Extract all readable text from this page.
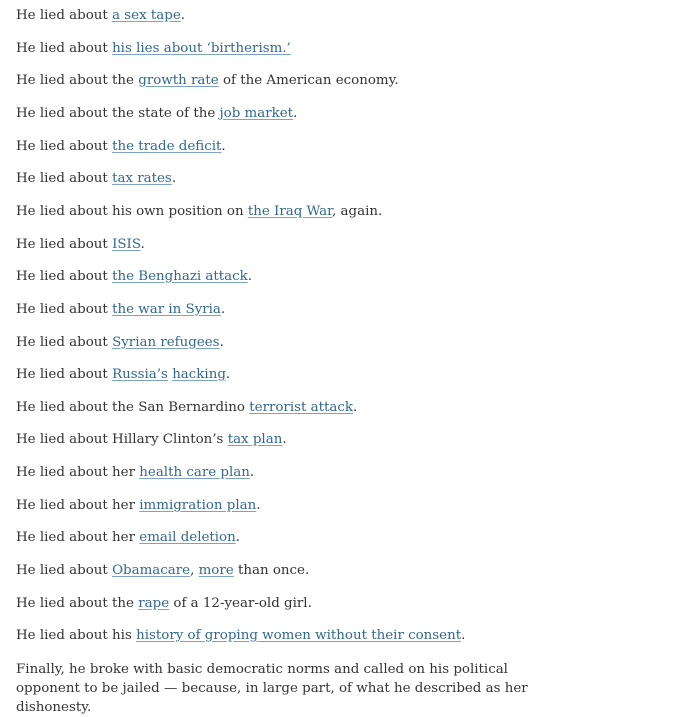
He lied about a sex tape.

He lied about his lies about ‘birtherism.’

He lied about the growth rate of the American economy.

He lied about the state of the job market.

He lied about the trade deficit.

He lied about tax rates.

He lied about his own position on the Iraq War, again.

He lied about ISIS.

He lied about the Benghazi attack.

He lied about the war in Syria.

He lied about Syrian refugees.

He lied about Russia’s hacking.

He lied about the San Bernardino terrorist attack.

He lied about Hillary Clinton’s tax plan.

He lied about her health care plan.

He lied about her immigration plan.

He lied about her email deletion.

He lied about Obamacare, more than once.

He lied about the rape of a 12-year-old girl.

He lied about his history of groping women without their consent.

Finally, he broke with basic democratic norms and called on his political opponent to be jailed — because, in large part, of what he described as her dishonesty.
